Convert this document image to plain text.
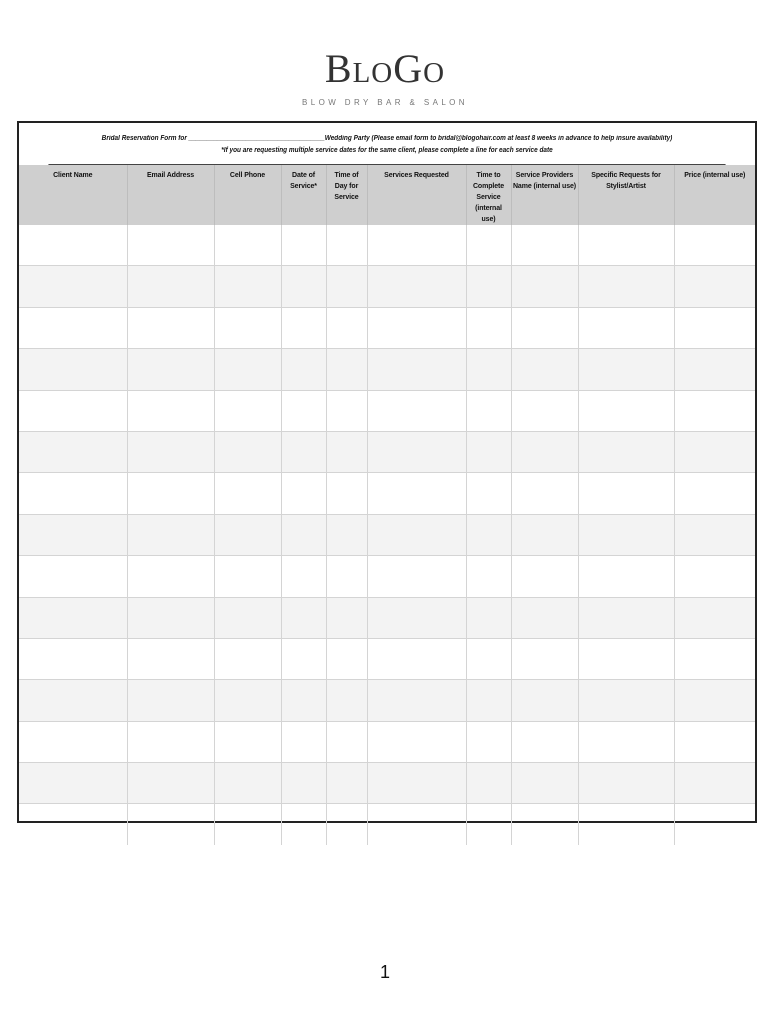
BLOGO
BLOW DRY BAR & SALON
Bridal Reservation Form for ______________________________________Wedding Party (Please email form to bridal@blogohair.com at least 8 weeks in advance to help insure availability)
*If you are requesting multiple service dates for the same client, please complete a line for each service date
Client Name	Email Address	Cell Phone	Date of Service*	Time of Day for Service	Services Requested	Time to Complete Service (internal use)	Service Providers Name (internal use)	Specific Requests for Stylist/Artist	Price (internal use)

1
